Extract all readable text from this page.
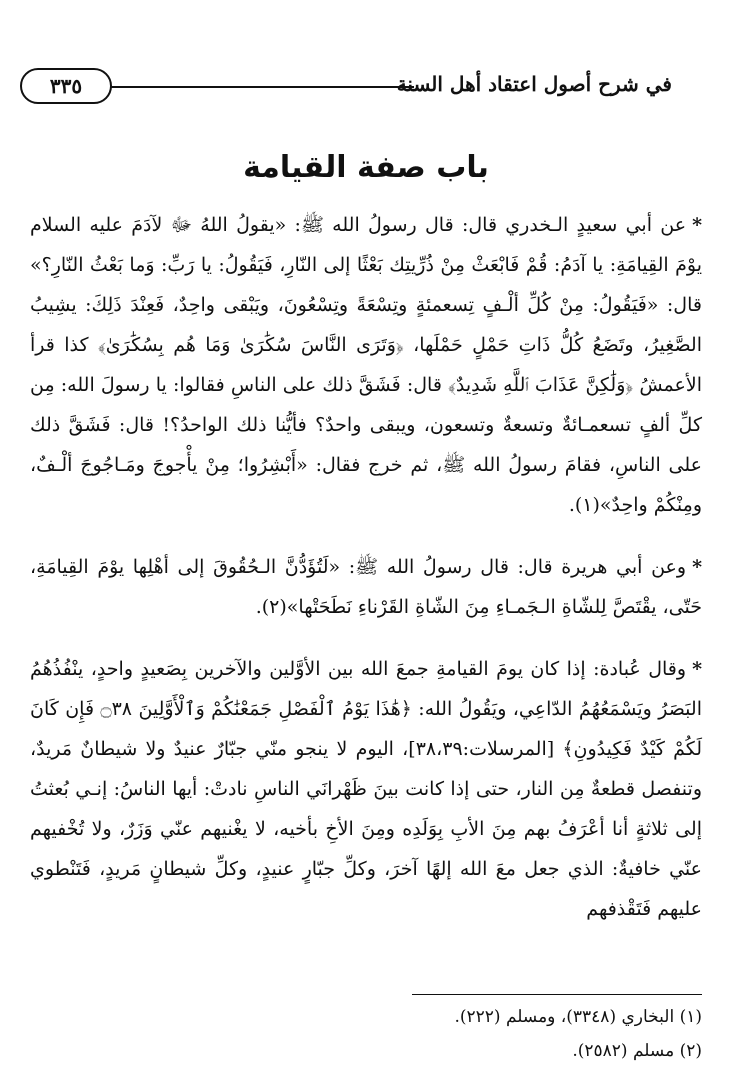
٣٣٥	في شرح أصول اعتقاد أهل السنة
باب صفة القيامة

*عن أبي سعيدٍ الـخدري قال: قال رسولُ الله ﷺ: «يقولُ اللهُ ﷻ لآدَمَ عليه السلام يوْمَ القِيامَةِ: يا آدَمُ: قُمْ فَابْعَثْ مِنْ ذُرِّيتِك بَعْثًا إلى النّارِ، فَيَقُولُ: يا رَبِّ: وَما بَعْثُ النّارِ؟» قال: «فَيَقُولُ: مِنْ كُلِّ ألْـفٍ تِسعمئةٍ وتِسْعَةً وتِسْعُونَ، ويَبْقى واحِدٌ، فَعِنْدَ ذَلِكَ: يشِيبُ الصَّغِيرُ، وتَضَعُ كُلُّ ذَاتِ حَمْلٍ حَمْلَها، ﴿وَتَرَى النَّاسَ سُكَٰرَىٰ وَمَا هُم بِسُكَٰرَىٰ﴾ كذا قرأ الأعمشُ ﴿وَلَٰكِنَّ عَذَابَ ٱللَّهِ شَدِيدٌ﴾ قال: فَشَقَّ ذلك على الناسِ فقالوا: يا رسولَ الله: مِن كلِّ ألفٍ تسعمـائةٌ وتسعةٌ وتسعون، ويبقى واحدٌ؟ فأيُّنا ذلك الواحدُ؟! قال: فَشَقَّ ذلك على الناسِ، فقامَ رسولُ الله ﷺ، ثم خرج فقال: «أَبْشِرُوا؛ مِنْ يأْجوجَ ومَـاجُوجَ ألْـفٌ، ومِنْكُمْ واحِدٌ»(١).

*وعن أبي هريرة قال: قال رسولُ الله ﷺ: «لَتُؤَدُّنَّ الـحُقُوقَ إلى أهْلِها يوْمَ القِيامَةِ، حَتّى، يقْتَصَّ لِلشّاةِ الـجَمـاءِ مِنَ الشّاةِ القَرْناءِ نَطَحَتْها»(٢).

*وقال عُبادة: إذا كان يومَ القيامةِ جمعَ الله بين الأوَّلين والآخرين بِصَعيدٍ واحدٍ، ينْفُذُهُمُ البَصَرُ ويَسْمَعُهُمُ الدّاعِي، ويَقُولُ الله: ﴿هَٰذَا يَوْمُ ٱلْفَصْلِ جَمَعْنَٰكُمْ وَٱلْأَوَّلِينَ ۝٣٨ فَإِن كَانَ لَكُمْ كَيْدٌ فَكِيدُونِ﴾ [المرسلات:٣٨،٣٩]، اليوم لا ينجو منّي جبّارٌ عنيدٌ ولا شيطانٌ مَريدٌ، وتنفصل قطعةٌ مِن النار، حتى إذا كانت بينَ ظَهْرانَي الناسِ نادتْ: أيها الناسُ: إنـي بُعثتُ إلى ثلاثةٍ أنا أعْرَفُ بهم مِنَ الأبِ بِوَلَدِه ومِنَ الأخِ بأخيه، لا يغْنيهم عنّي وَزَرٌ، ولا تُخْفيهم عنّي خافيةٌ: الذي جعل معَ الله إلهًا آخرَ، وكلِّ جبّارٍ عنيدٍ، وكلِّ شيطانٍ مَريدٍ، فَتَنْطوي عليهم فَتَقْذفهم

(١) البخاري (٣٣٤٨)، ومسلم (٢٢٢).
(٢) مسلم (٢٥٨٢).
